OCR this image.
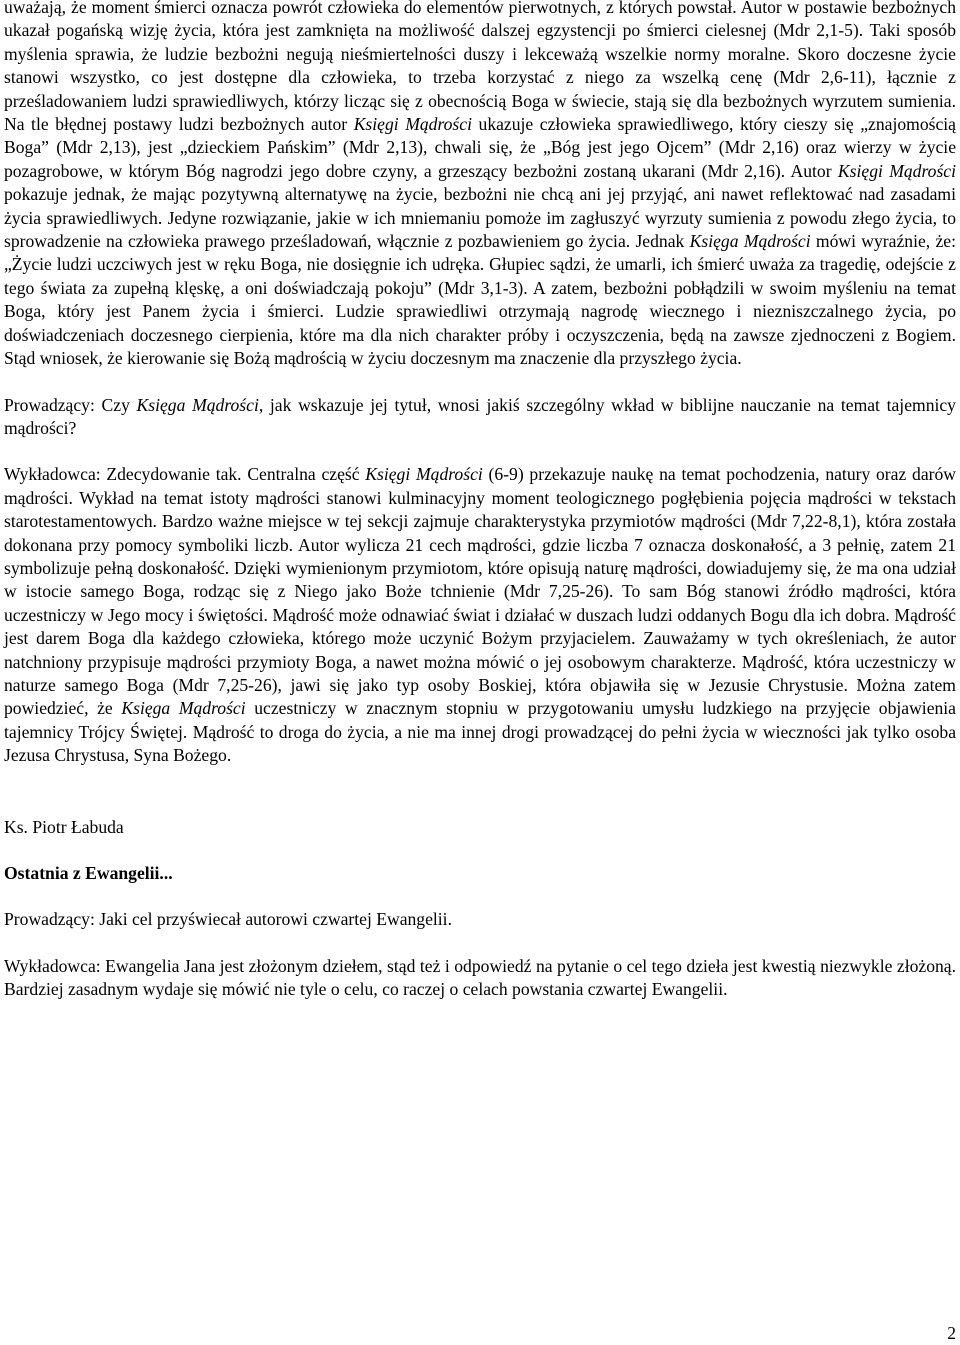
uważają, że moment śmierci oznacza powrót człowieka do elementów pierwotnych, z których powstał. Autor w postawie bezbożnych ukazał pogańską wizję życia, która jest zamknięta na możliwość dalszej egzystencji po śmierci cielesnej (Mdr 2,1-5). Taki sposób myślenia sprawia, że ludzie bezbożni negują nieśmiertelności duszy i lekceważą wszelkie normy moralne. Skoro doczesne życie stanowi wszystko, co jest dostępne dla człowieka, to trzeba korzystać z niego za wszelką cenę (Mdr 2,6-11), łącznie z prześladowaniem ludzi sprawiedliwych, którzy licząc się z obecnością Boga w świecie, stają się dla bezbożnych wyrzutem sumienia. Na tle błędnej postawy ludzi bezbożnych autor Księgi Mądrości ukazuje człowieka sprawiedliwego, który cieszy się „znajomością Boga” (Mdr 2,13), jest „dzieckiem Pańskim” (Mdr 2,13), chwali się, że „Bóg jest jego Ojcem” (Mdr 2,16) oraz wierzy w życie pozagrobowe, w którym Bóg nagrodzi jego dobre czyny, a grzeszący bezbożni zostaną ukarani (Mdr 2,16). Autor Księgi Mądrości pokazuje jednak, że mając pozytywną alternatywę na życie, bezbożni nie chcą ani jej przyjąć, ani nawet reflektować nad zasadami życia sprawiedliwych. Jedyne rozwiązanie, jakie w ich mniemaniu pomoże im zagłuszyć wyrzuty sumienia z powodu złego życia, to sprowadzenie na człowieka prawego prześladowań, włącznie z pozbawieniem go życia. Jednak Księga Mądrości mówi wyraźnie, że: „Życie ludzi uczciwych jest w ręku Boga, nie dosięgnie ich udręka. Głupiec sądzi, że umarli, ich śmierć uważa za tragedię, odejście z tego świata za zupełną klęskę, a oni doświadczają pokoju” (Mdr 3,1-3). A zatem, bezbożni pobłądzili w swoim myśleniu na temat Boga, który jest Panem życia i śmierci. Ludzie sprawiedliwi otrzymają nagrodę wiecznego i niezniszczalnego życia, po doświadczeniach doczesnego cierpienia, które ma dla nich charakter próby i oczyszczenia, będą na zawsze zjednoczeni z Bogiem. Stąd wniosek, że kierowanie się Bożą mądrością w życiu doczesnym ma znaczenie dla przyszłego życia.

Prowadzący: Czy Księga Mądrości, jak wskazuje jej tytuł, wnosi jakiś szczególny wkład w biblijne nauczanie na temat tajemnicy mądrości?

Wykładowca: Zdecydowanie tak. Centralna część Księgi Mądrości (6-9) przekazuje naukę na temat pochodzenia, natury oraz darów mądrości. Wykład na temat istoty mądrości stanowi kulminacyjny moment teologicznego pogłębienia pojęcia mądrości w tekstach starotestamentowych. Bardzo ważne miejsce w tej sekcji zajmuje charakterystyka przymiotów mądrości (Mdr 7,22-8,1), która została dokonana przy pomocy symboliki liczb. Autor wylicza 21 cech mądrości, gdzie liczba 7 oznacza doskonałość, a 3 pełnię, zatem 21 symbolizuje pełną doskonałość. Dzięki wymienionym przymiotom, które opisują naturę mądrości, dowiadujemy się, że ma ona udział w istocie samego Boga, rodząc się z Niego jako Boże tchnienie (Mdr 7,25-26). To sam Bóg stanowi źródło mądrości, która uczestniczy w Jego mocy i świętości. Mądrość może odnawiać świat i działać w duszach ludzi oddanych Bogu dla ich dobra. Mądrość jest darem Boga dla każdego człowieka, którego może uczynić Bożym przyjacielem. Zauważamy w tych określeniach, że autor natchniony przypisuje mądrości przymioty Boga, a nawet można mówić o jej osobowym charakterze. Mądrość, która uczestniczy w naturze samego Boga (Mdr 7,25-26), jawi się jako typ osoby Boskiej, która objawiła się w Jezusie Chrystusie. Można zatem powiedzieć, że Księga Mądrości uczestniczy w znacznym stopniu w przygotowaniu umysłu ludzkiego na przyjęcie objawienia tajemnicy Trójcy Świętej. Mądrość to droga do życia, a nie ma innej drogi prowadzącej do pełni życia w wieczności jak tylko osoba Jezusa Chrystusa, Syna Bożego.

Ks. Piotr Łabuda

Ostatnia z Ewangelii...

Prowadzący: Jaki cel przyświecał autorowi czwartej Ewangelii.

Wykładowca: Ewangelia Jana jest złożonym dziełem, stąd też i odpowiedź na pytanie o cel tego dzieła jest kwestią niezwykle złożoną. Bardziej zasadnym wydaje się mówić nie tyle o celu, co raczej o celach powstania czwartej Ewangelii.

2
